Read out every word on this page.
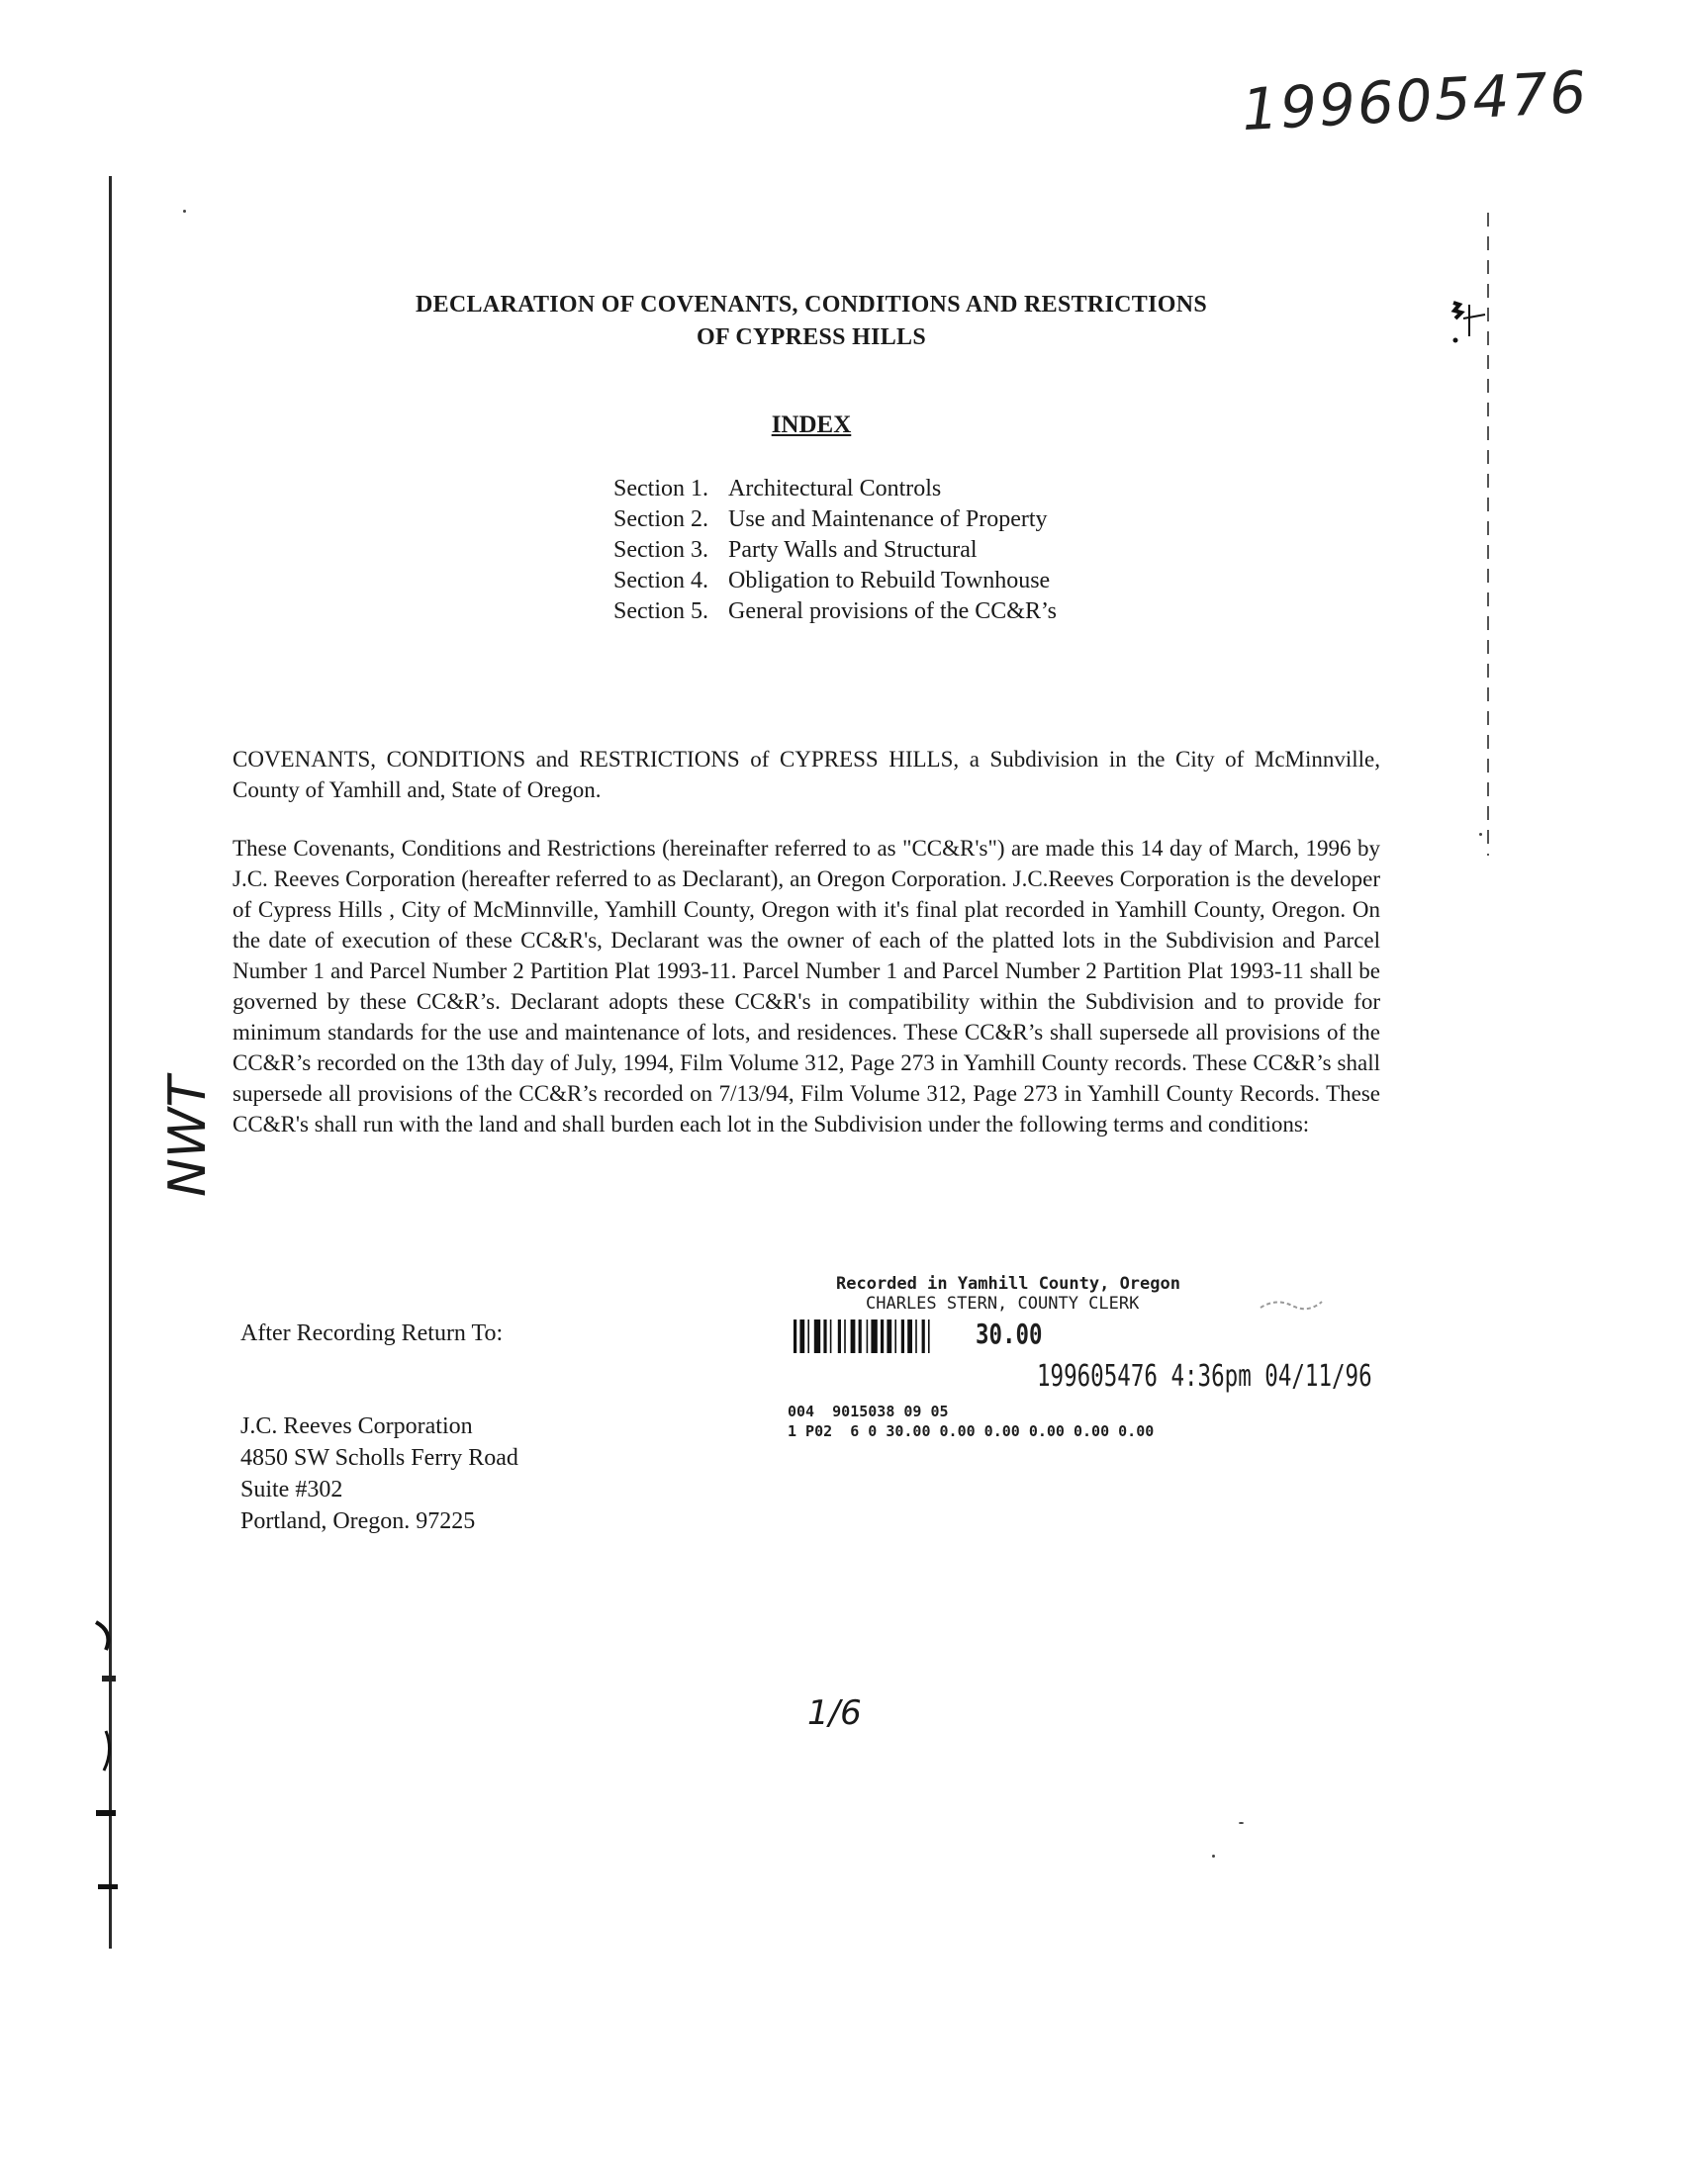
NWT
199605476
DECLARATION OF COVENANTS, CONDITIONS AND RESTRICTIONS
OF CYPRESS HILLS
INDEX
Section 1. Architectural Controls
Section 2. Use and Maintenance of Property
Section 3. Party Walls and Structural
Section 4. Obligation to Rebuild Townhouse
Section 5. General provisions of the CC&R’s

COVENANTS, CONDITIONS and RESTRICTIONS of CYPRESS HILLS, a Subdivision in the City of McMinnville, County of Yamhill and, State of Oregon.

These Covenants, Conditions and Restrictions (hereinafter referred to as "CC&R's") are made this 14 day of March, 1996 by J.C. Reeves Corporation (hereafter referred to as Declarant), an Oregon Corporation. J.C.Reeves Corporation is the developer of Cypress Hills , City of McMinnville, Yamhill County, Oregon with it's final plat recorded in Yamhill County, Oregon. On the date of execution of these CC&R's, Declarant was the owner of each of the platted lots in the Subdivision and Parcel Number 1 and Parcel Number 2 Partition Plat 1993-11. Parcel Number 1 and Parcel Number 2 Partition Plat 1993-11 shall be governed by these CC&R’s. Declarant adopts these CC&R's in compatibility within the Subdivision and to provide for minimum standards for the use and maintenance of lots, and residences. These CC&R’s shall supersede all provisions of the CC&R’s recorded on the 13th day of July, 1994, Film Volume 312, Page 273 in Yamhill County records. These CC&R’s shall supersede all provisions of the CC&R’s recorded on 7/13/94, Film Volume 312, Page 273 in Yamhill County Records. These CC&R's shall run with the land and shall burden each lot in the Subdivision under the following terms and conditions:

After Recording Return To:
J.C. Reeves Corporation
4850 SW Scholls Ferry Road
Suite #302
Portland, Oregon. 97225
Recorded in Yamhill County, Oregon
CHARLES STERN, COUNTY CLERK
30.00
199605476 4:36pm 04/11/96
004  9015038 09 05
1 P02  6 0 30.00 0.00 0.00 0.00 0.00 0.00
1/6
